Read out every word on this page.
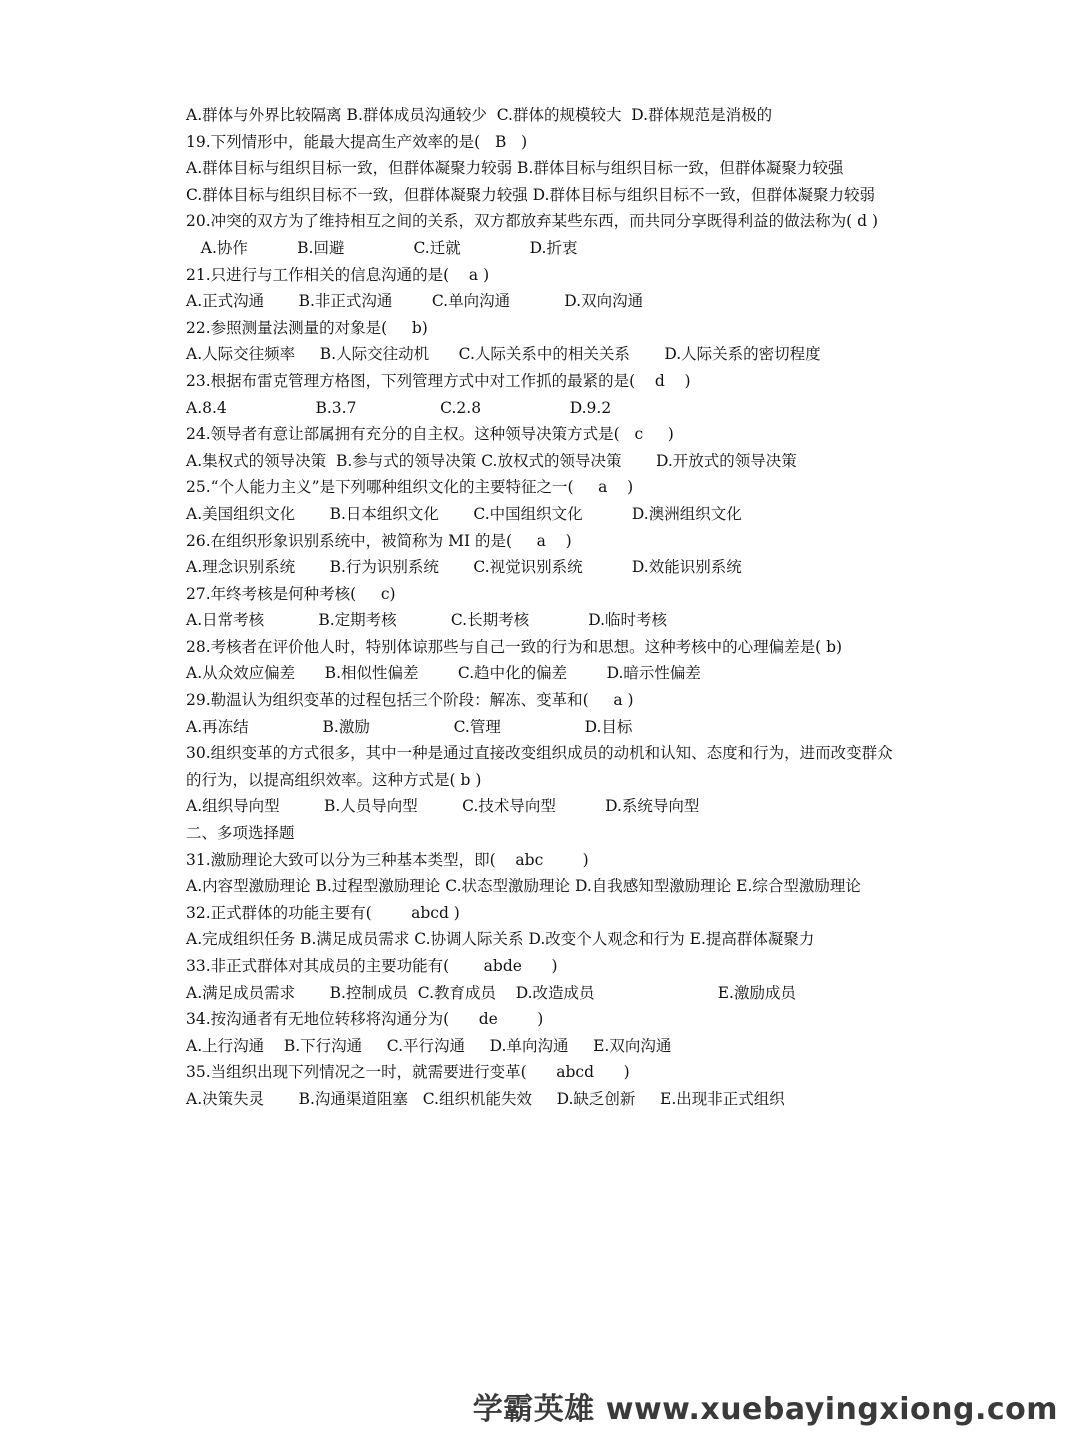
A.群体与外界比较隔离 B.群体成员沟通较少  C.群体的规模较大  D.群体规范是消极的

19.下列情形中，能最大提高生产效率的是(   B   )

A.群体目标与组织目标一致，但群体凝聚力较弱 B.群体目标与组织目标一致，但群体凝聚力较强

C.群体目标与组织目标不一致，但群体凝聚力较强 D.群体目标与组织目标不一致，但群体凝聚力较弱

20.冲突的双方为了维持相互之间的关系，双方都放弃某些东西，而共同分享既得利益的做法称为( d )

A.协作          B.回避              C.迁就              D.折衷

21.只进行与工作相关的信息沟通的是(    a )

A.正式沟通       B.非正式沟通        C.单向沟通           D.双向沟通

22.参照测量法测量的对象是(     b)

A.人际交往频率     B.人际交往动机      C.人际关系中的相关关系       D.人际关系的密切程度

23.根据布雷克管理方格图，下列管理方式中对工作抓的最紧的是(    d    )

A.8.4                  B.3.7                 C.2.8                  D.9.2

24.领导者有意让部属拥有充分的自主权。这种领导决策方式是(   c     )

A.集权式的领导决策  B.参与式的领导决策 C.放权式的领导决策       D.开放式的领导决策

25.“个人能力主义”是下列哪种组织文化的主要特征之一(     a    )

A.美国组织文化       B.日本组织文化       C.中国组织文化          D.澳洲组织文化

26.在组织形象识别系统中，被简称为 MI 的是(     a    )

A.理念识别系统       B.行为识别系统       C.视觉识别系统          D.效能识别系统

27.年终考核是何种考核(     c)

A.日常考核           B.定期考核           C.长期考核            D.临时考核

28.考核者在评价他人时，特别体谅那些与自己一致的行为和思想。这种考核中的心理偏差是( b)

A.从众效应偏差      B.相似性偏差        C.趋中化的偏差        D.暗示性偏差

29.勒温认为组织变革的过程包括三个阶段：解冻、变革和(     a )

A.再冻结               B.激励                 C.管理                 D.目标

30.组织变革的方式很多，其中一种是通过直接改变组织成员的动机和认知、态度和行为，进而改变群众的行为，以提高组织效率。这种方式是( b )

A.组织导向型         B.人员导向型         C.技术导向型          D.系统导向型

二、多项选择题

31.激励理论大致可以分为三种基本类型，即(    abc        )

A.内容型激励理论 B.过程型激励理论 C.状态型激励理论 D.自我感知型激励理论 E.综合型激励理论

32.正式群体的功能主要有(        abcd )

A.完成组织任务 B.满足成员需求 C.协调人际关系 D.改变个人观念和行为 E.提高群体凝聚力

33.非正式群体对其成员的主要功能有(       abde      )

A.满足成员需求       B.控制成员  C.教育成员    D.改造成员                         E.激励成员

34.按沟通者有无地位转移将沟通分为(      de        )

A.上行沟通    B.下行沟通     C.平行沟通     D.单向沟通     E.双向沟通

35.当组织出现下列情况之一时，就需要进行变革(      abcd      )

A.决策失灵       B.沟通渠道阻塞   C.组织机能失效     D.缺乏创新     E.出现非正式组织

学霸英雄 www.xuebayingxiong.com
